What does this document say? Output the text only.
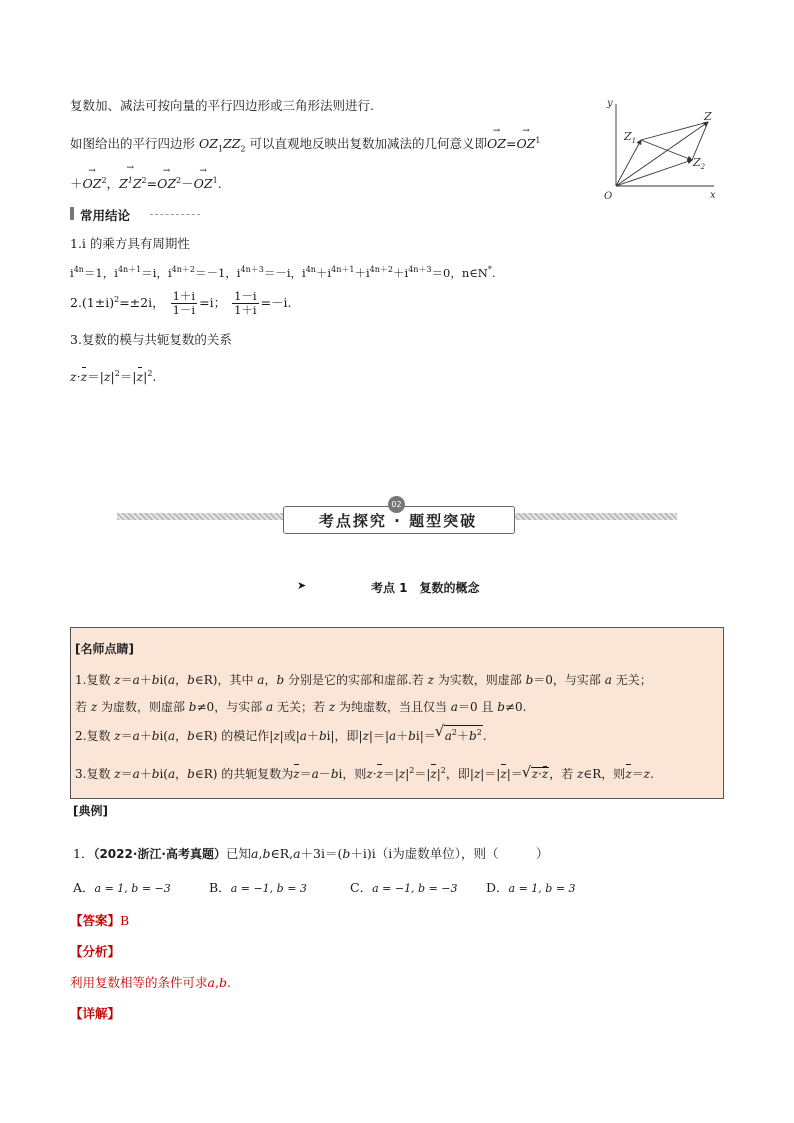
复数加、减法可按向量的平行四边形或三角形法则进行.
如图给出的平行四边形 $OZ_1ZZ_2$ 可以直观地反映出复数加减法的几何意义即→ $OZ=\to OZ^1$
＋→ $OZ^2$，→ $Z^1Z^2=\to OZ^2-\to OZ^1$.
y
x
O
Z
$Z_1$
$Z_2$
常用结论
1.i 的乘方具有周期性
$i^{4n}=1$，$i^{4n+1}=i$，$i^{4n+2}=-1$，$i^{4n+3}=-i$，$i^{4n}+i^{4n+1}+i^{4n+2}+i^{4n+3}=0$，n∈N*.
$2.(1\pm i)^2=\pm 2i$， $\frac{1+i}{1-i} =i$； $\frac{1-i}{1+i} =-i$.
3.复数的模与共轭复数的关系
$z\cdot z=|z|^2=|z|^2$.
02
考点探究 · 题型突破
➤	考点 1　复数的概念
[名师点睛]
1.复数 z＝a＋bi(a，b∈R)，其中 a，b 分别是它的实部和虚部.若 z 为实数，则虚部 b＝0，与实部 a 无关；
若 z 为虚数，则虚部 b≠0，与实部 a 无关；若 z 为纯虚数，当且仅当 a＝0 且 b≠0.
2.复数 z＝a＋bi(a，b∈R) 的模记作|z|或|a＋bi|，即|z|＝|a＋bi|＝ √ $a^2+b^2$.
3.复数 z＝a＋bi(a，b∈R) 的共轭复数为z＝a－bi，则$z\cdot z=|z|^2=|z|^2$，即|z|＝|z|＝ √ z·z，若 z∈R，则z＝z.
[典例]
1．（2022·浙江·高考真题）已知a,b∈R,a＋3i＝(b＋i)i（i为虚数单位），则（　　　）
A．a = 1, b = −3	B．a = −1, b = 3	C．a = −1, b = −3 D．a = 1, b = 3
【答案】B
【分析】
利用复数相等的条件可求a,b.
【详解】
